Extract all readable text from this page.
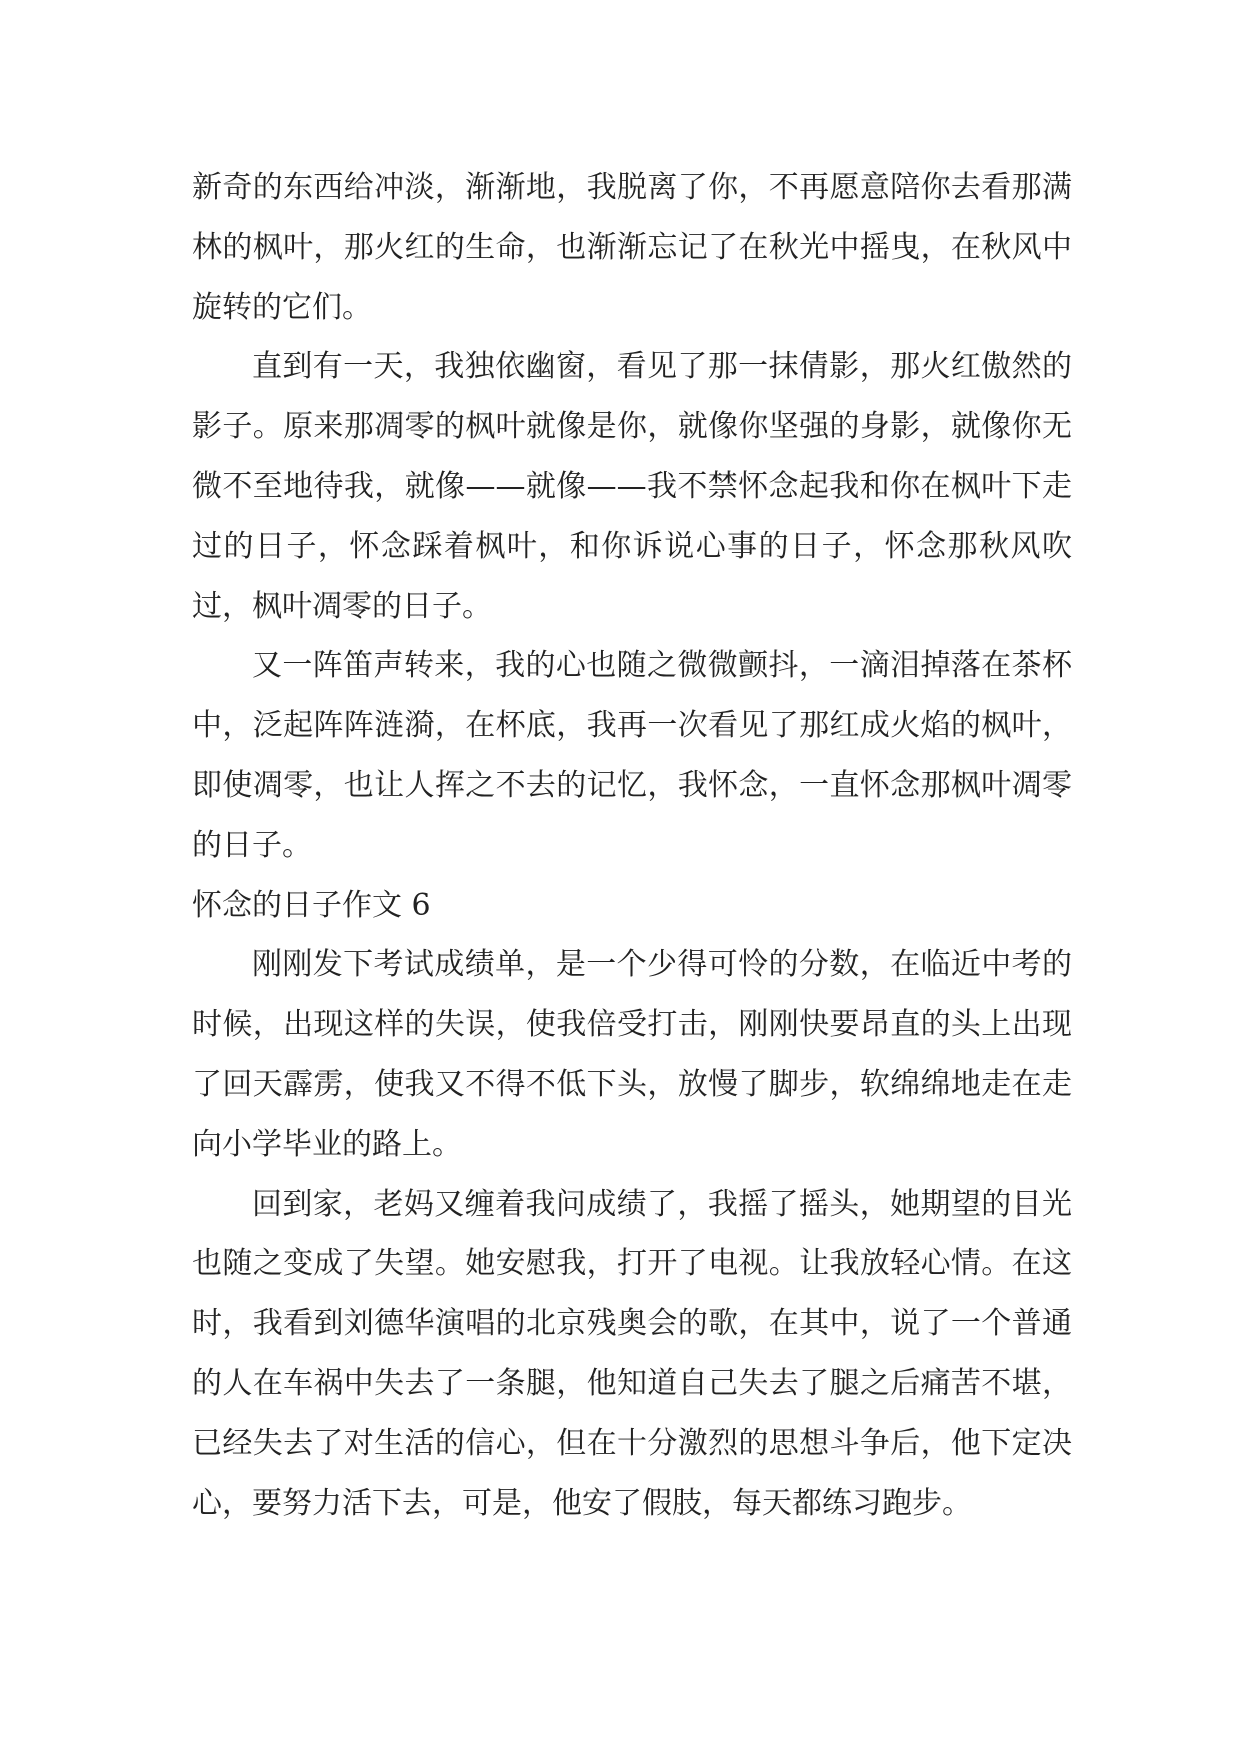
新奇的东西给冲淡，渐渐地，我脱离了你，不再愿意陪你去看那满林的枫叶，那火红的生命，也渐渐忘记了在秋光中摇曳，在秋风中旋转的它们。

直到有一天，我独依幽窗，看见了那一抹倩影，那火红傲然的影子。原来那凋零的枫叶就像是你，就像你坚强的身影，就像你无微不至地待我，就像——就像——我不禁怀念起我和你在枫叶下走过的日子，怀念踩着枫叶，和你诉说心事的日子，怀念那秋风吹过，枫叶凋零的日子。

又一阵笛声转来，我的心也随之微微颤抖，一滴泪掉落在茶杯中，泛起阵阵涟漪，在杯底，我再一次看见了那红成火焰的枫叶，即使凋零，也让人挥之不去的记忆，我怀念，一直怀念那枫叶凋零的日子。

怀念的日子作文 6

刚刚发下考试成绩单，是一个少得可怜的分数，在临近中考的时候，出现这样的失误，使我倍受打击，刚刚快要昂直的头上出现了回天霹雳，使我又不得不低下头，放慢了脚步，软绵绵地走在走向小学毕业的路上。

回到家，老妈又缠着我问成绩了，我摇了摇头，她期望的目光也随之变成了失望。她安慰我，打开了电视。让我放轻心情。在这时，我看到刘德华演唱的北京残奥会的歌，在其中，说了一个普通的人在车祸中失去了一条腿，他知道自己失去了腿之后痛苦不堪，已经失去了对生活的信心，但在十分激烈的思想斗争后，他下定决心，要努力活下去，可是，他安了假肢，每天都练习跑步。
